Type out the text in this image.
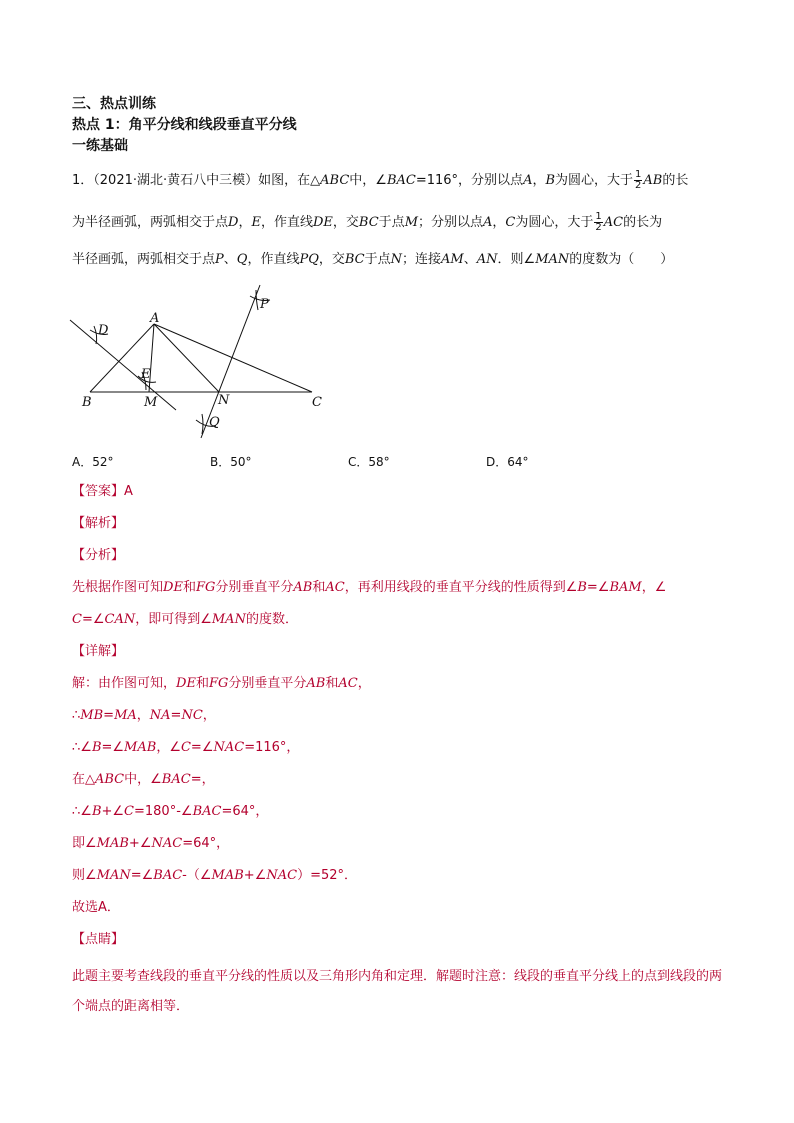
三、热点训练
热点 1：角平分线和线段垂直平分线
一练基础
1．（2021·湖北·黄石八中三模）如图，在△ABC中，∠BAC=116°，分别以点A，B为圆心，大于 $\frac{1}{2}$ AB的长
为半径画弧，两弧相交于点D，E，作直线DE，交BC于点M；分别以点A，C为圆心，大于 $\frac{1}{2}$ AC的长为
半径画弧，两弧相交于点P、Q，作直线PQ，交BC于点N；连接AM、AN．则∠MAN的度数为（　　）
A
B	C
D
E
M	N
P
Q
A．52°	B．50°	C．58°	D．64°
【答案】A
【解析】
【分析】
先根据作图可知DE和FG分别垂直平分AB和AC，再利用线段的垂直平分线的性质得到∠B=∠BAM，∠
C=∠CAN，即可得到∠MAN的度数．
【详解】
解：由作图可知，DE和FG分别垂直平分AB和AC，
∴MB=MA，NA=NC，
∴∠B=∠MAB，∠C=∠NAC=116°，
在△ABC中，∠BAC=，
∴∠B+∠C=180°-∠BAC=64°，
即∠MAB+∠NAC=64°，
则∠MAN=∠BAC-（∠MAB+∠NAC）=52°．
故选A．
【点睛】
此题主要考查线段的垂直平分线的性质以及三角形内角和定理．解题时注意：线段的垂直平分线上的点到线段的两个端点的距离相等．
